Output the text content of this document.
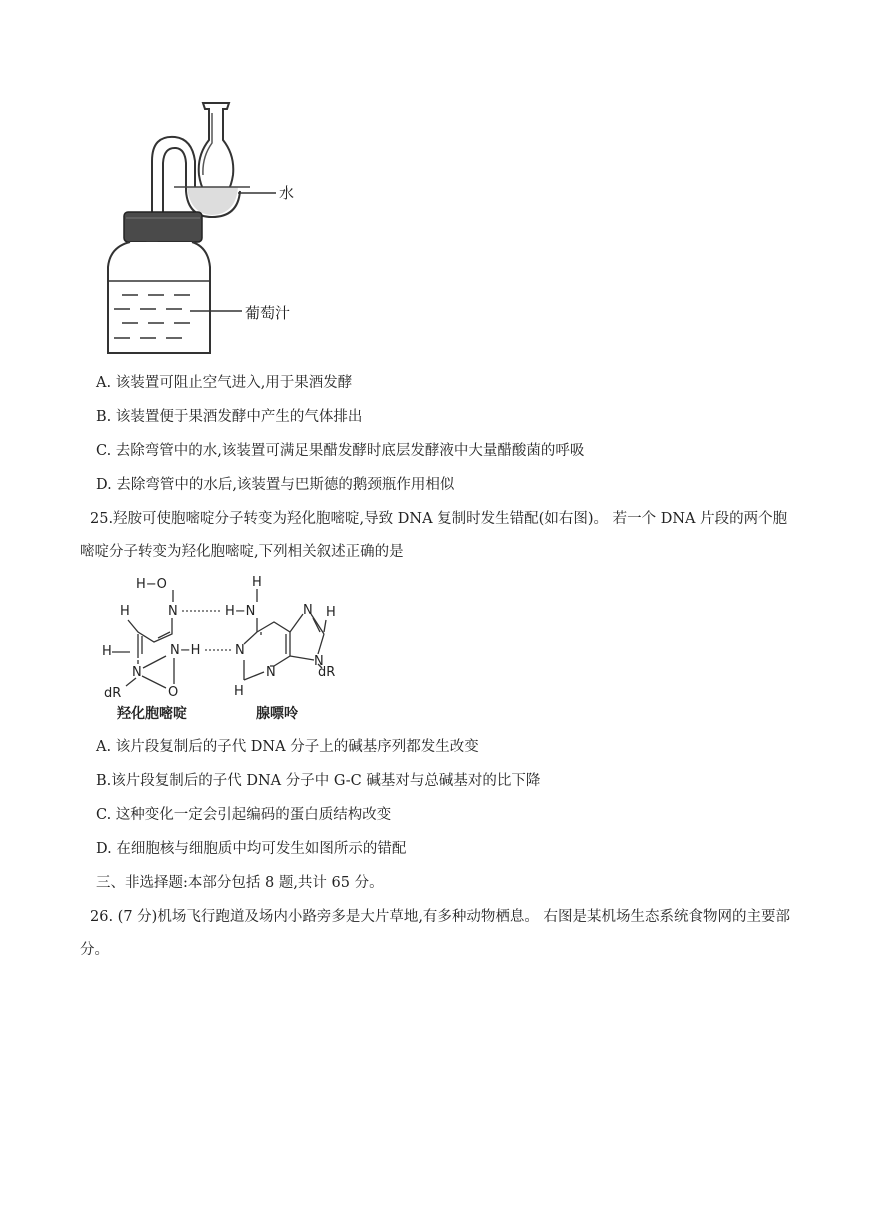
水
葡萄汁
A. 该装置可阻止空气进入,用于果酒发酵
B. 该装置便于果酒发酵中产生的气体排出
C. 去除弯管中的水,该装置可满足果醋发酵时底层发酵液中大量醋酸菌的呼吸
D. 去除弯管中的水后,该装置与巴斯德的鹅颈瓶作用相似
25.羟胺可使胞嘧啶分子转变为羟化胞嘧啶,导致 DNA 复制时发生错配(如右图)。 若一个 DNA 片段的两个胞嘧啶分子转变为羟化胞嘧啶,下列相关叙述正确的是
H−O
N
H
H	N−H
N
dR	O
H
H−N
N
N
H
N H
N
dR
羟化胞嘧啶	腺嘌呤
A. 该片段复制后的子代 DNA 分子上的碱基序列都发生改变
B.该片段复制后的子代 DNA 分子中 G-C 碱基对与总碱基对的比下降
C. 这种变化一定会引起编码的蛋白质结构改变
D. 在细胞核与细胞质中均可发生如图所示的错配
三、非选择题:本部分包括 8 题,共计 65 分。
26. (7 分)机场飞行跑道及场内小路旁多是大片草地,有多种动物栖息。 右图是某机场生态系统食物网的主要部分。
